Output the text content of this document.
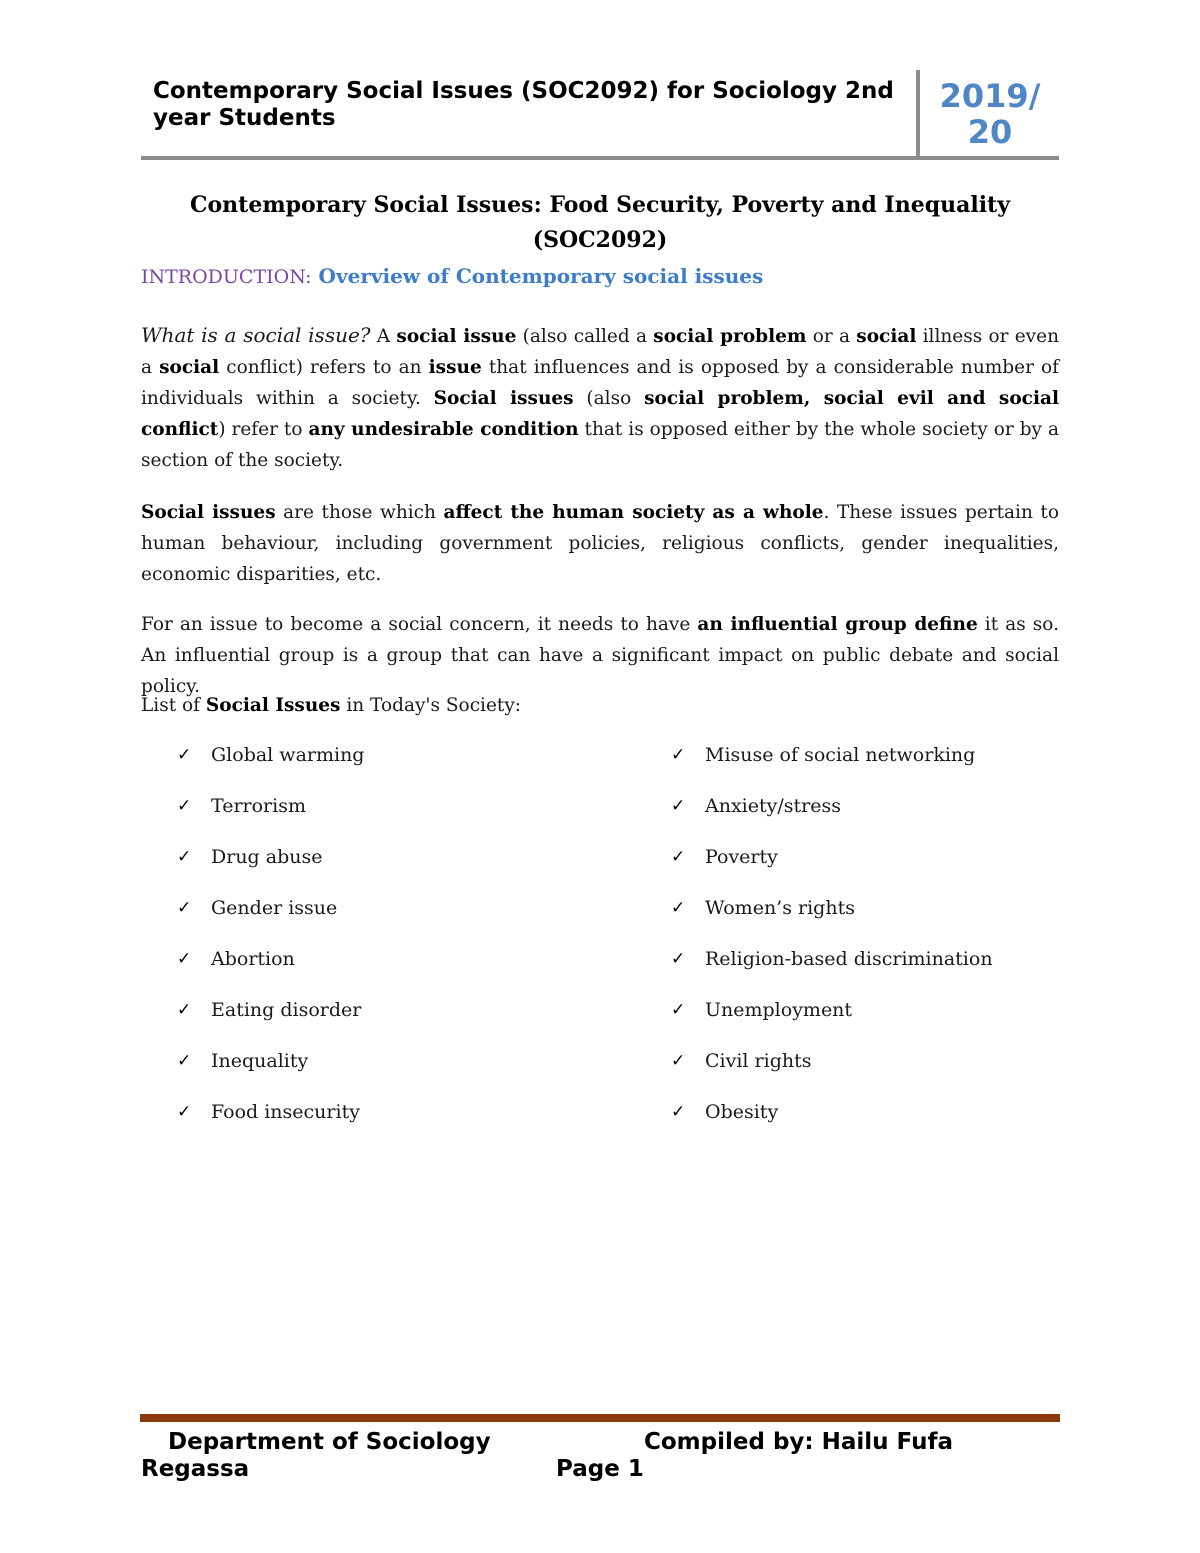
Contemporary Social Issues (SOC2092) for Sociology 2nd year Students
2019/
20
Contemporary Social Issues: Food Security, Poverty and Inequality
(SOC2092)
INTRODUCTION: Overview of Contemporary social issues
What is a social issue? A social issue (also called a social problem or a social illness or even a social conflict) refers to an issue that influences and is opposed by a considerable number of individuals within a society. Social issues (also social problem, social evil and social conflict) refer to any undesirable condition that is opposed either by the whole society or by a section of the society.
Social issues are those which affect the human society as a whole. These issues pertain to human behaviour, including government policies, religious conflicts, gender inequalities, economic disparities, etc.
For an issue to become a social concern, it needs to have an influential group define it as so. An influential group is a group that can have a significant impact on public debate and social policy.
List of Social Issues in Today's Society:
✓	Global warming
✓	Terrorism
✓	Drug abuse
✓	Gender issue
✓	Abortion
✓	Eating disorder
✓	Inequality
✓	Food insecurity
✓	Misuse of social networking
✓	Anxiety/stress
✓	Poverty
✓	Women’s rights
✓	Religion-based discrimination
✓	Unemployment
✓	Civil rights
✓	Obesity
Department of Sociology	Compiled by: Hailu Fufa
Regassa	Page 1
